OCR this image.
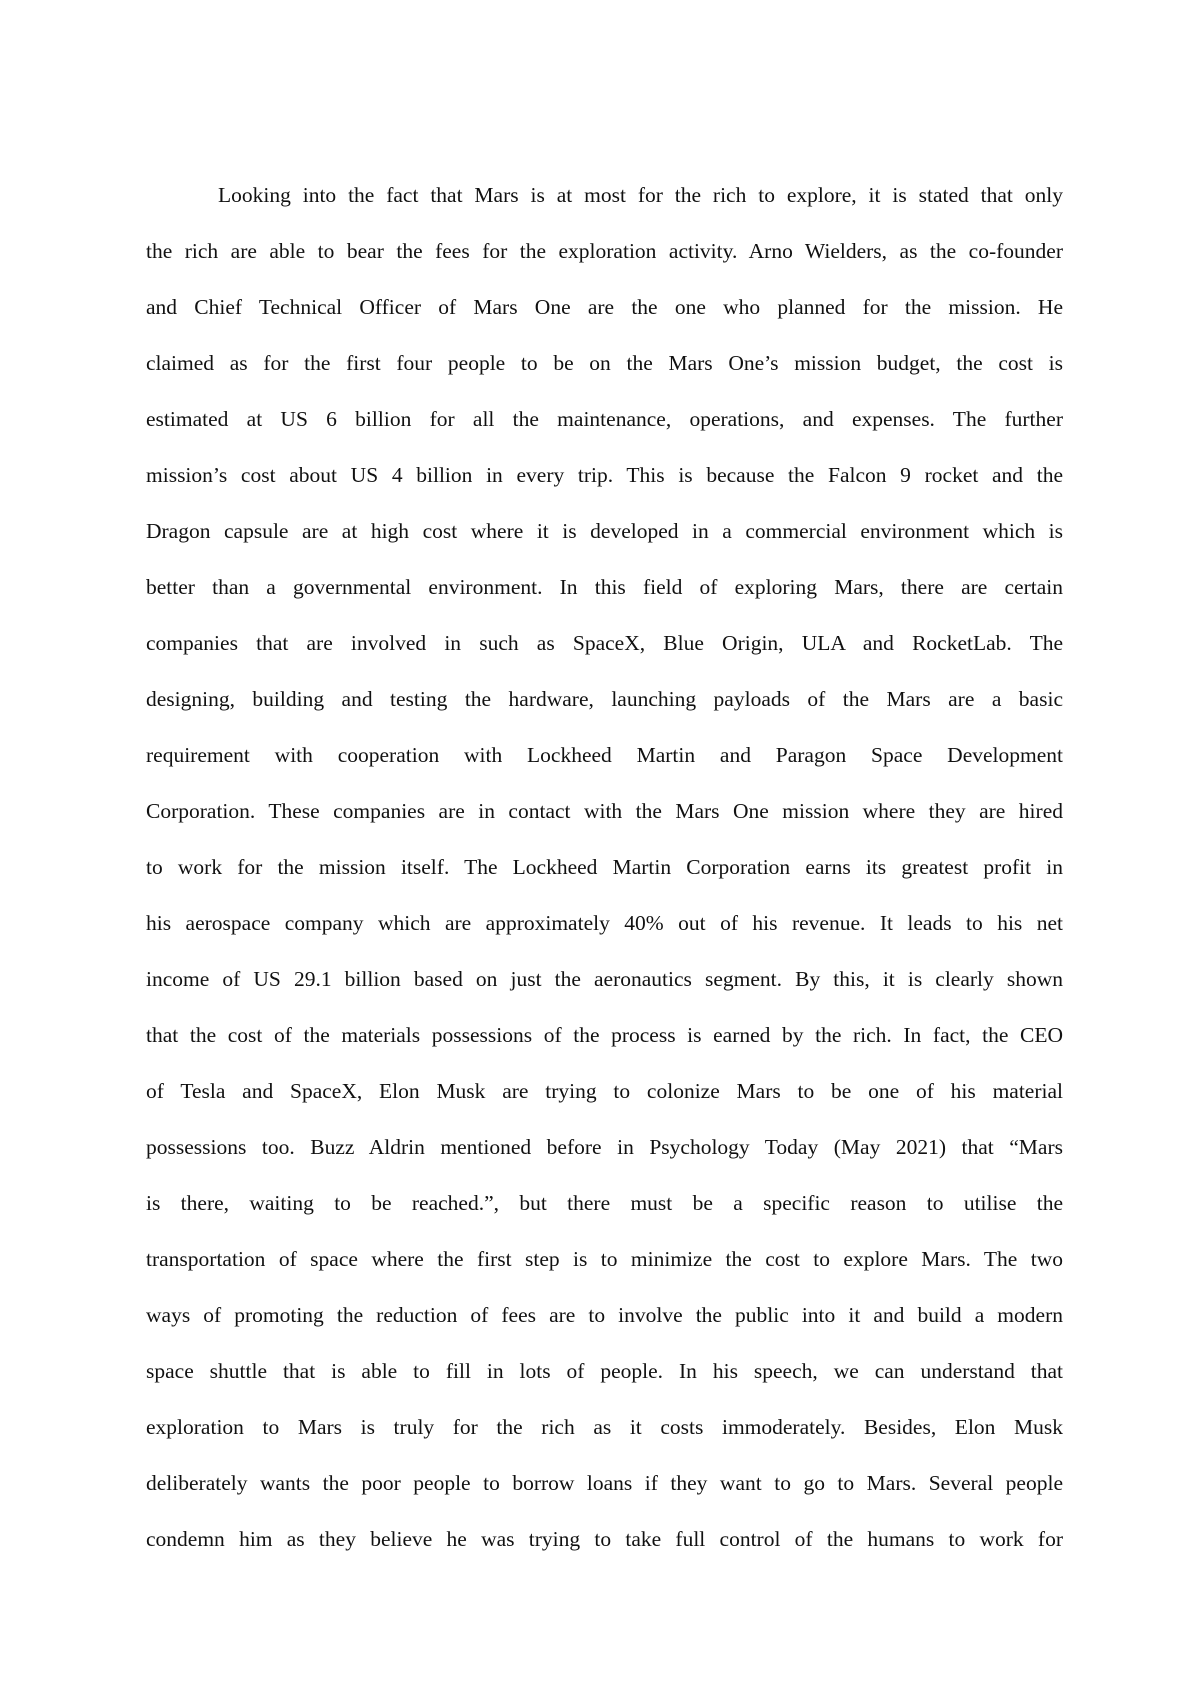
Looking into the fact that Mars is at most for the rich to explore, it is stated that only
the rich are able to bear the fees for the exploration activity. Arno Wielders, as the co-founder
and Chief Technical Officer of Mars One are the one who planned for the mission. He
claimed as for the first four people to be on the Mars One’s mission budget, the cost is
estimated at US 6 billion for all the maintenance, operations, and expenses. The further
mission’s cost about US 4 billion in every trip. This is because the Falcon 9 rocket and the
Dragon capsule are at high cost where it is developed in a commercial environment which is
better than a governmental environment. In this field of exploring Mars, there are certain
companies that are involved in such as SpaceX, Blue Origin, ULA and RocketLab. The
designing, building and testing the hardware, launching payloads of the Mars are a basic
requirement with cooperation with Lockheed Martin and Paragon Space Development
Corporation. These companies are in contact with the Mars One mission where they are hired
to work for the mission itself. The Lockheed Martin Corporation earns its greatest profit in
his aerospace company which are approximately 40% out of his revenue. It leads to his net
income of US 29.1 billion based on just the aeronautics segment. By this, it is clearly shown
that the cost of the materials possessions of the process is earned by the rich. In fact, the CEO
of Tesla and SpaceX, Elon Musk are trying to colonize Mars to be one of his material
possessions too. Buzz Aldrin mentioned before in Psychology Today (May 2021) that “Mars
is there, waiting to be reached.”, but there must be a specific reason to utilise the
transportation of space where the first step is to minimize the cost to explore Mars. The two
ways of promoting the reduction of fees are to involve the public into it and build a modern
space shuttle that is able to fill in lots of people. In his speech, we can understand that
exploration to Mars is truly for the rich as it costs immoderately. Besides, Elon Musk
deliberately wants the poor people to borrow loans if they want to go to Mars. Several people
condemn him as they believe he was trying to take full control of the humans to work for
